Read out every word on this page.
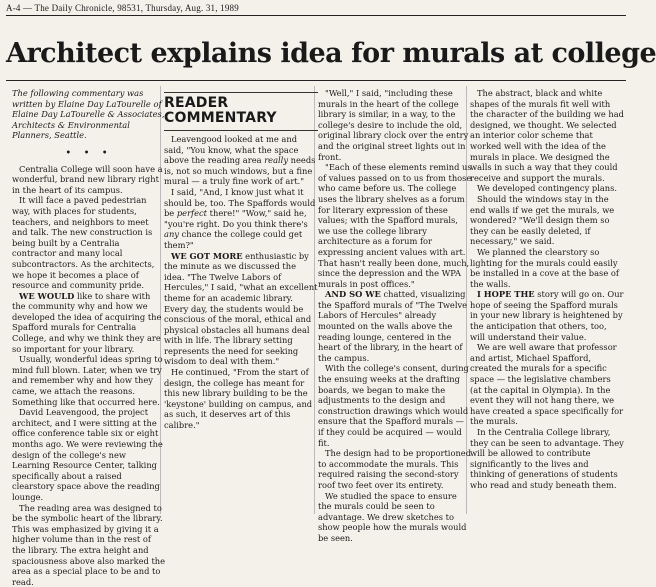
A-4 — The Daily Chronicle, 98531, Thursday, Aug. 31, 1989
Architect explains idea for murals at college

The following commentary was written by Elaine Day LaTourelle of Elaine Day LaTourelle & Associates, Architects & Environmental Planners, Seattle.

• • •

Centralia College will soon have a wonderful, brand new library right in the heart of its campus.

It will face a paved pedestrian way, with places for students, teachers, and neighbors to meet and talk. The new construction is being built by a Centralia contractor and many local subcontractors. As the architects, we hope it becomes a place of resource and community pride.

WE WOULD like to share with the community why and how we developed the idea of acquiring the Spafford murals for Centralia College, and why we think they are so important for your library.

Usually, wonderful ideas spring to mind full blown. Later, when we try and remember why and how they came, we attach the reasons. Something like that occurred here.

David Leavengood, the project architect, and I were sitting at the office conference table six or eight months ago. We were reviewing the design of the college's new Learning Resource Center, talking specifically about a raised clearstory space above the reading lounge.

The reading area was designed to be the symbolic heart of the library. This was emphasized by giving it a higher volume than in the rest of the library. The extra height and spaciousness above also marked the area as a special place to be and to read.

READER COMMENTARY

Leavengood looked at me and said, "You know, what the space above the reading area really needs is, not so much windows, but a fine mural — a truly fine work of art."

I said, "And, I know just what it should be, too. The Spaffords would be perfect there!" "Wow," said he, "you're right. Do you think there's any chance the college could get them?"

WE GOT MORE enthusiastic by the minute as we discussed the idea. "The Twelve Labors of Hercules," I said, "what an excellent theme for an academic library. Every day, the students would be conscious of the moral, ethical and physical obstacles all humans deal with in life. The library setting represents the need for seeking wisdom to deal with them."

He continued, "From the start of design, the college has meant for this new library building to be the 'keystone' building on campus, and as such, it deserves art of this calibre."

"Well," I said, "including these murals in the heart of the college library is similar, in a way, to the college's desire to include the old, original library clock over the entry and the original street lights out in front.

"Each of these elements remind us of values passed on to us from those who came before us. The college uses the library shelves as a forum for literary expression of these values; with the Spafford murals, we use the college library architecture as a forum for expressing ancient values with art. That hasn't really been done, much, since the depression and the WPA murals in post offices."

AND SO WE chatted, visualizing the Spafford murals of "The Twelve Labors of Hercules" already mounted on the walls above the reading lounge, centered in the heart of the library, in the heart of the campus.

With the college's consent, during the ensuing weeks at the drafting boards, we began to make the adjustments to the design and construction drawings which would ensure that the Spafford murals — if they could be acquired — would fit.

The design had to be proportioned to accommodate the murals. This required raising the second-story roof two feet over its entirety.

We studied the space to ensure the murals could be seen to advantage. We drew sketches to show people how the murals would be seen.

The abstract, black and white shapes of the murals fit well with the character of the building we had designed, we thought. We selected an interior color scheme that worked well with the idea of the murals in place. We designed the walls in such a way that they could receive and support the murals.

We developed contingency plans.

Should the windows stay in the end walls if we get the murals, we wondered? "We'll design them so they can be easily deleted, if necessary," we said.

We planned the clearstory so lighting for the murals could easily be installed in a cove at the base of the walls.

I HOPE THE story will go on. Our hope of seeing the Spafford murals in your new library is heightened by the anticipation that others, too, will understand their value.

We are well aware that professor and artist, Michael Spafford, created the murals for a specific space — the legislative chambers (at the capital in Olympia). In the event they will not hang there, we have created a space specifically for the murals.

In the Centralia College library, they can be seen to advantage. They will be allowed to contribute significantly to the lives and thinking of generations of students who read and study beneath them.
